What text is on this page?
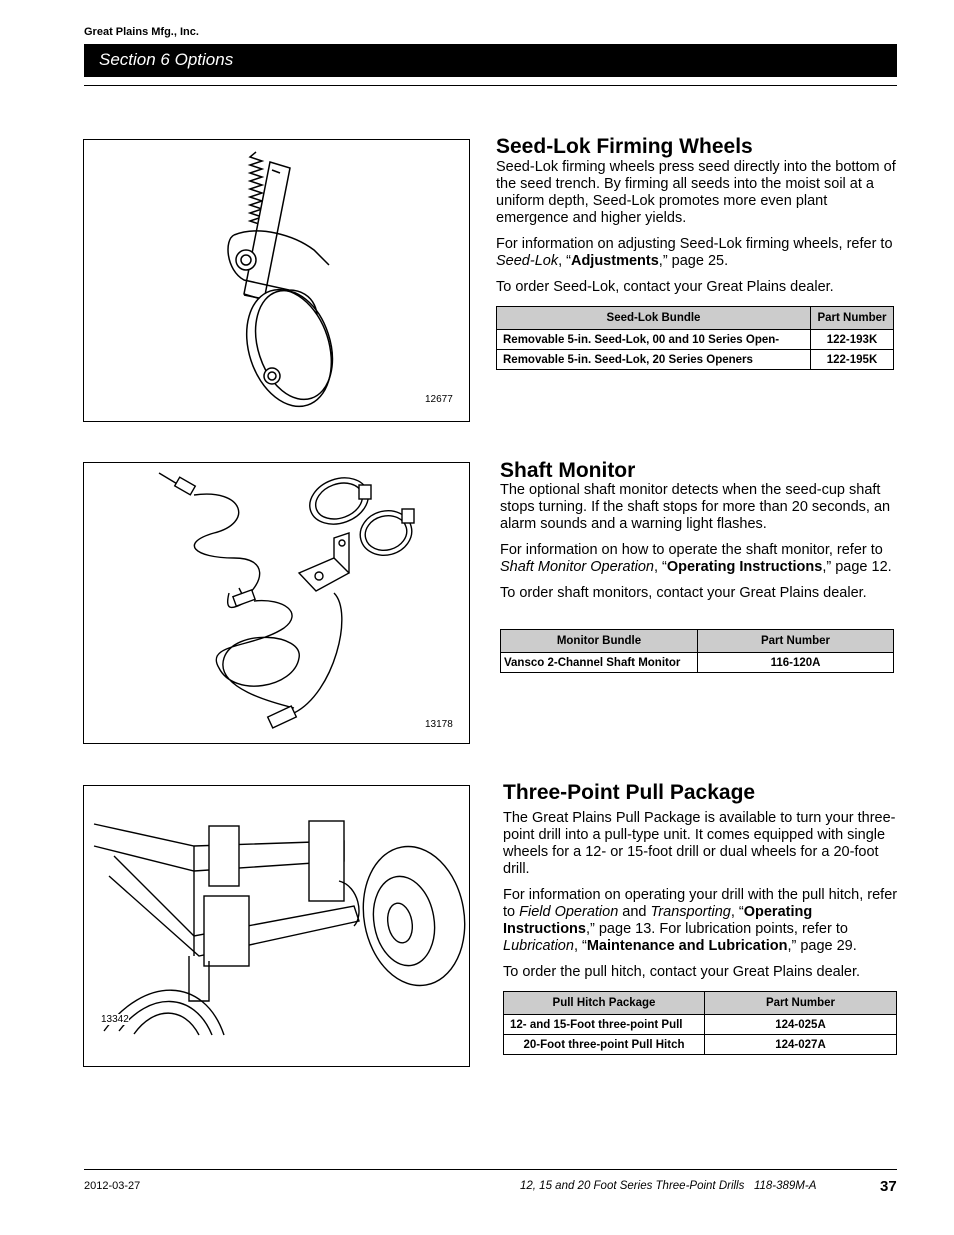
Great Plains Mfg., Inc.
Section 6 Options
12677
Seed-Lok Firming Wheels

Seed-Lok firming wheels press seed directly into the bottom of the seed trench. By firming all seeds into the moist soil at a uniform depth, Seed-Lok promotes more even plant emergence and higher yields.

For information on adjusting Seed-Lok firming wheels, refer to Seed-Lok, “Adjustments,” page 25.

To order Seed-Lok, contact your Great Plains dealer.

Seed-Lok Bundle	Part Number
Removable 5-in. Seed-Lok, 00 and 10 Series Open-	122-193K
Removable 5-in. Seed-Lok, 20 Series Openers	122-195K
13178
Shaft Monitor

The optional shaft monitor detects when the seed-cup shaft stops turning. If the shaft stops for more than 20 seconds, an alarm sounds and a warning light flashes.

For information on how to operate the shaft monitor, refer to Shaft Monitor Operation, “Operating Instructions,” page 12.

To order shaft monitors, contact your Great Plains dealer.

Monitor Bundle	Part Number
Vansco 2-Channel Shaft Monitor	116-120A
13342
Three-Point Pull Package

The Great Plains Pull Package is available to turn your three-point drill into a pull-type unit. It comes equipped with single wheels for a 12- or 15-foot drill or dual wheels for a 20-foot drill.

For information on operating your drill with the pull hitch, refer to Field Operation and Transporting, “Operating Instructions,” page 13. For lubrication points, refer to Lubrication, “Maintenance and Lubrication,” page 29.

To order the pull hitch, contact your Great Plains dealer.

Pull Hitch Package	Part Number
12- and 15-Foot three-point Pull	124-025A
20-Foot three-point Pull Hitch	124-027A
2012-03-27	12, 15 and 20 Foot Series Three-Point Drills   118-389M-A	37
